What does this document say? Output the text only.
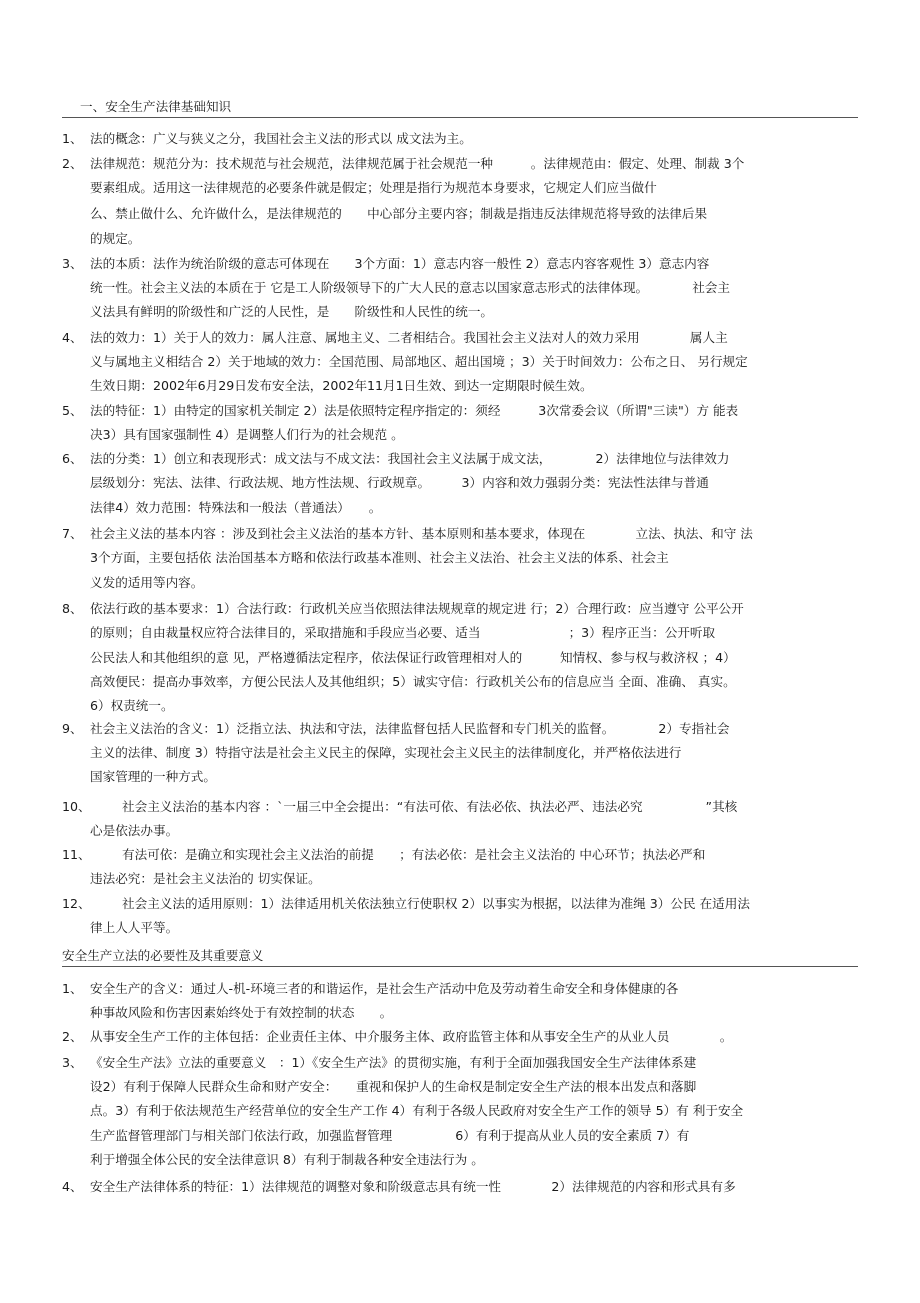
一、安全生产法律基础知识
1、 法的概念：广义与狭义之分，我国社会主义法的形式以 成文法为主。
2、 法律规范：规范分为：技术规范与社会规范，法律规范属于社会规范一种　　　。法律规范由：假定、处理、制裁 3个
要素组成。适用这一法律规范的必要条件就是假定；处理是指行为规范本身要求，它规定人们应当做什
么、禁止做什么、允许做什么，是法律规范的　　中心部分主要内容；制裁是指违反法律规范将导致的法律后果
的规定。
3、 法的本质：法作为统治阶级的意志可体现在　　3个方面：1）意志内容一般性 2）意志内容客观性 3）意志内容
统一性。社会主义法的本质在于 它是工人阶级领导下的广大人民的意志以国家意志形式的法律体现。　　　　社会主
义法具有鲜明的阶级性和广泛的人民性，是　　阶级性和人民性的统一。
4、 法的效力：1）关于人的效力：属人注意、属地主义、二者相结合。我国社会主义法对人的效力采用　　　　属人主
义与属地主义相结合 2）关于地域的效力：全国范围、局部地区、超出国境 ；3）关于时间效力：公布之日、 另行规定
生效日期：2002年6月29日发布安全法，2002年11月1日生效、到达一定期限时候生效。
5、 法的特征：1）由特定的国家机关制定 2）法是依照特定程序指定的：须经　　　3次常委会议（所谓"三读"）方 能表
决3）具有国家强制性 4）是调整人们行为的社会规范 。
6、 法的分类：1）创立和表现形式：成文法与不成文法：我国社会主义法属于成文法，　　　　2）法律地位与法律效力
层级划分：宪法、法律、行政法规、地方性法规、行政规章。　　　3）内容和效力强弱分类：宪法性法律与普通
法律4）效力范围：特殊法和一般法（普通法）　　。
7、 社会主义法的基本内容 ：涉及到社会主义法治的基本方针、基本原则和基本要求，体现在　　　　立法、执法、和守 法
3个方面，主要包括依 法治国基本方略和依法行政基本准则、社会主义法治、社会主义法的体系、社会主
义发的适用等内容。
8、 依法行政的基本要求：1）合法行政：行政机关应当依照法律法规规章的规定进 行；2）合理行政：应当遵守 公平公开
的原则；自由裁量权应符合法律目的，采取措施和手段应当必要、适当　　　　　　　；3）程序正当：公开听取
公民法人和其他组织的意 见，严格遵循法定程序，依法保证行政管理相对人的　　　知情权、参与权与救济权 ；4）
高效便民：提高办事效率，方便公民法人及其他组织；5）诚实守信：行政机关公布的信息应当 全面、准确、 真实。
6）权责统一。
9、 社会主义法治的含义：1）泛指立法、执法和守法，法律监督包括人民监督和专门机关的监督。　　　　2）专指社会
主义的法律、制度 3）特指守法是社会主义民主的保障，实现社会主义民主的法律制度化，并严格依法进行
国家管理的一种方式。
10、 社会主义法治的基本内容 ：`一届三中全会提出：“有法可依、有法必依、执法必严、违法必究　　　　　”其核
心是依法办事。
11、 有法可依：是确立和实现社会主义法治的前提　　；有法必依：是社会主义法治的 中心环节；执法必严和
违法必究：是社会主义法治的 切实保证。
12、 社会主义法的适用原则：1）法律适用机关依法独立行使职权 2）以事实为根据，以法律为准绳 3）公民 在适用法
律上人人平等。
安全生产立法的必要性及其重要意义
1、 安全生产的含义：通过人-机-环境三者的和谐运作，是社会生产活动中危及劳动着生命安全和身体健康的各
种事故风险和伤害因素始终处于有效控制的状态　　。
2、 从事安全生产工作的主体包括：企业责任主体、中介服务主体、政府监管主体和从事安全生产的从业人员　　　　。
3、 《安全生产法》立法的重要意义　：1）《安全生产法》的贯彻实施，有利于全面加强我国安全生产法律体系建
设2）有利于保障人民群众生命和财产安全：　　重视和保护人的生命权是制定安全生产法的根本出发点和落脚
点。3）有利于依法规范生产经营单位的安全生产工作 4）有利于各级人民政府对安全生产工作的领导 5）有 利于安全
生产监督管理部门与相关部门依法行政，加强监督管理　　　　　6）有利于提高从业人员的安全素质 7）有
利于增强全体公民的安全法律意识 8）有利于制裁各种安全违法行为 。
4、 安全生产法律体系的特征：1）法律规范的调整对象和阶级意志具有统一性　　　　2）法律规范的内容和形式具有多
